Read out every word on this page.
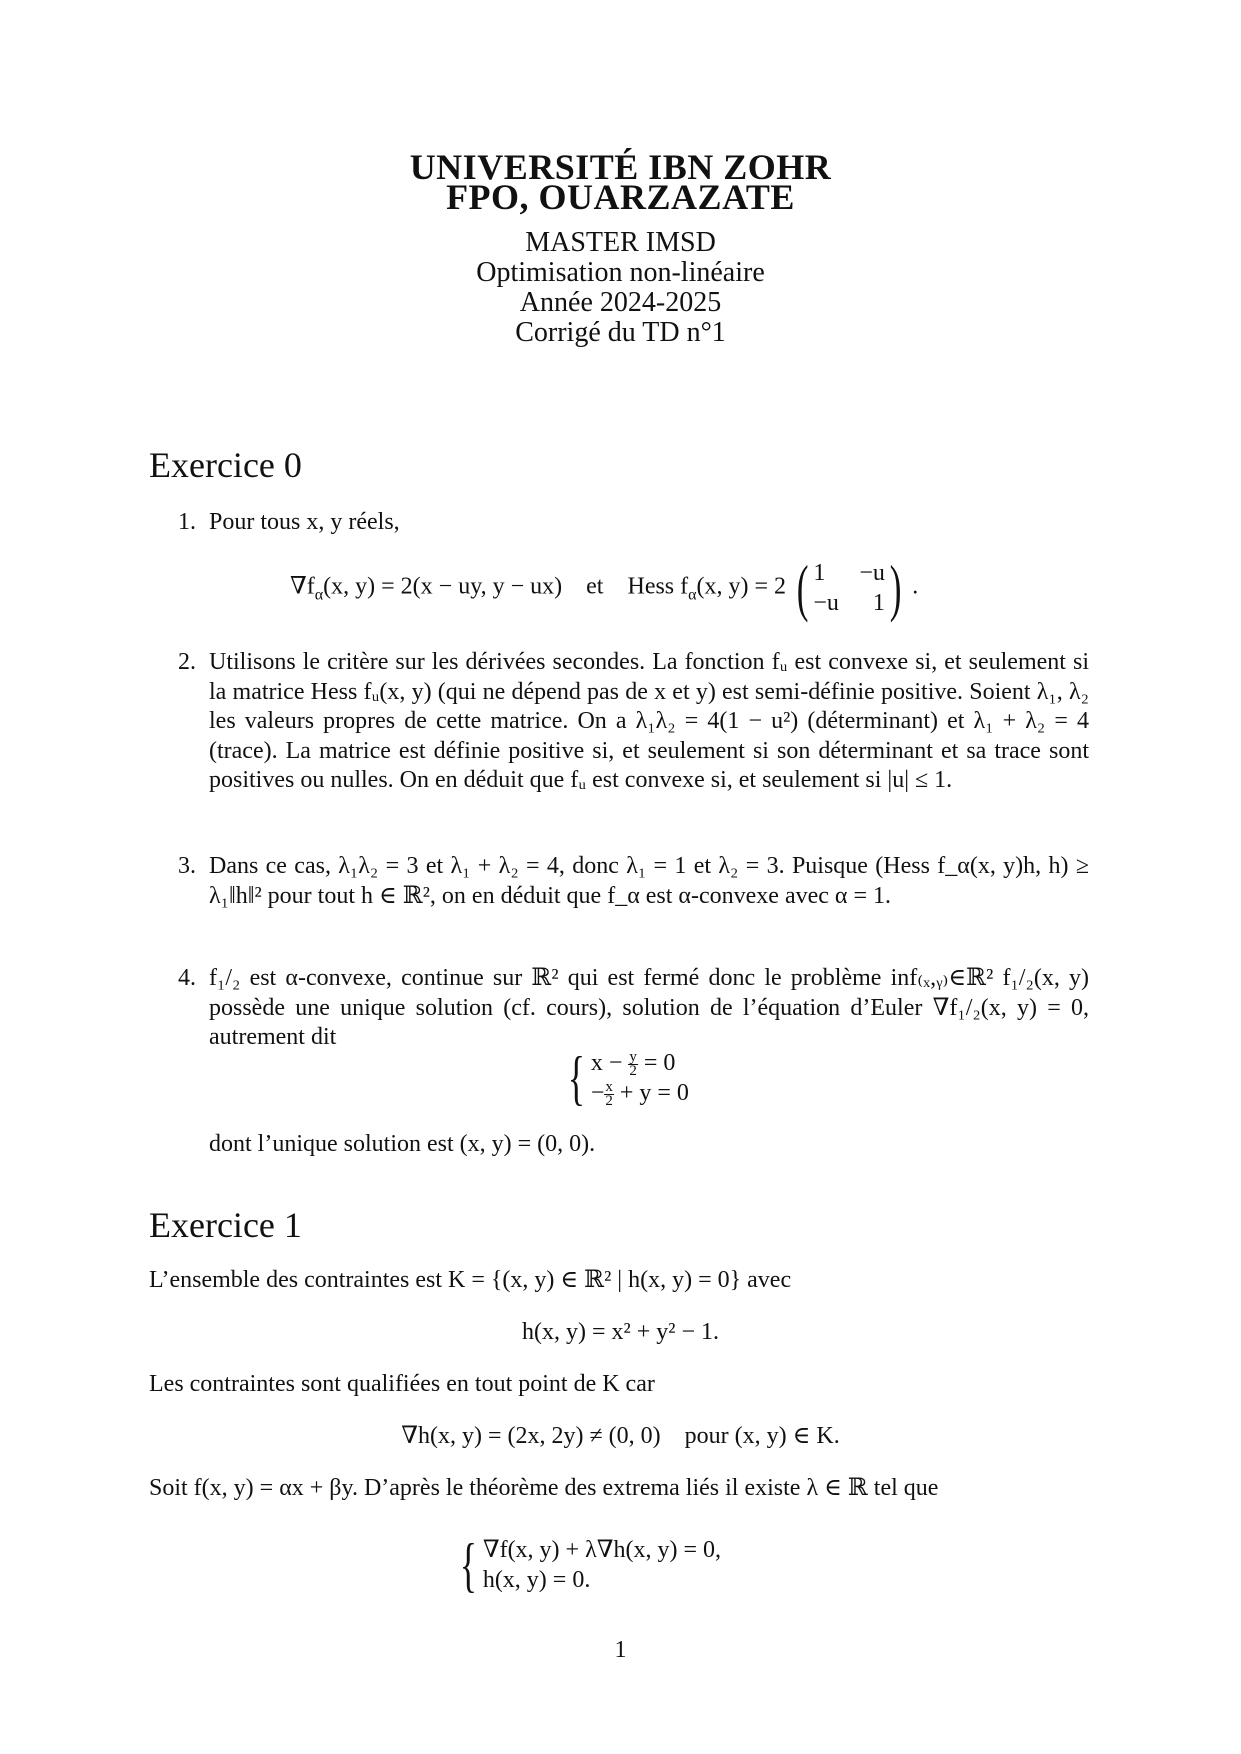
UNIVERSITÉ IBN ZOHR
FPO, OUARZAZATE
MASTER IMSD
Optimisation non-linéaire
Année 2024-2025
Corrigé du TD n°1
Exercice 0
1. Pour tous x, y réels,
$\nabla f_\alpha(x$, y) = 2(x − uy, y − ux) et Hess $f_\alpha(x$, y) = 2 ( 1 −u
−u 1 ) .
2. Utilisons le critère sur les dérivées secondes. La fonction fᵤ est convexe si, et seulement si la matrice Hess fᵤ(x, y) (qui ne dépend pas de x et y) est semi-définie positive. Soient λ₁, λ₂ les valeurs propres de cette matrice. On a λ₁λ₂ = 4(1 − u²) (déterminant) et λ₁ + λ₂ = 4 (trace). La matrice est définie positive si, et seulement si son déterminant et sa trace sont positives ou nulles. On en déduit que fᵤ est convexe si, et seulement si |u| ≤ 1.
3. Dans ce cas, λ₁λ₂ = 3 et λ₁ + λ₂ = 4, donc λ₁ = 1 et λ₂ = 3. Puisque (Hess f_α(x, y)h, h) ≥ λ₁‖h‖² pour tout h ∈ ℝ², on en déduit que f_α est α-convexe avec α = 1.
4. f₁/₂ est α-convexe, continue sur ℝ² qui est fermé donc le problème inf₍ₓ,ᵧ₎∈ℝ² f₁/₂(x, y) possède une unique solution (cf. cours), solution de l’équation d’Euler ∇f₁/₂(x, y) = 0, autrement dit
{ $x - \frac{y}{2} = 0$
− $\frac{x}{2} + y = 0$
dont l’unique solution est (x, y) = (0, 0).
Exercice 1
L’ensemble des contraintes est K = {(x, y) ∈ ℝ² | h(x, y) = 0} avec
h(x, y) = x² + y² − 1.
Les contraintes sont qualifiées en tout point de K car
∇h(x, y) = (2x, 2y) ≠ (0, 0)    pour (x, y) ∈ K.
Soit f(x, y) = αx + βy. D’après le théorème des extrema liés il existe λ ∈ ℝ tel que
{ ∇f(x, y) + λ∇h(x, y) = 0,
h(x, y) = 0.
1
